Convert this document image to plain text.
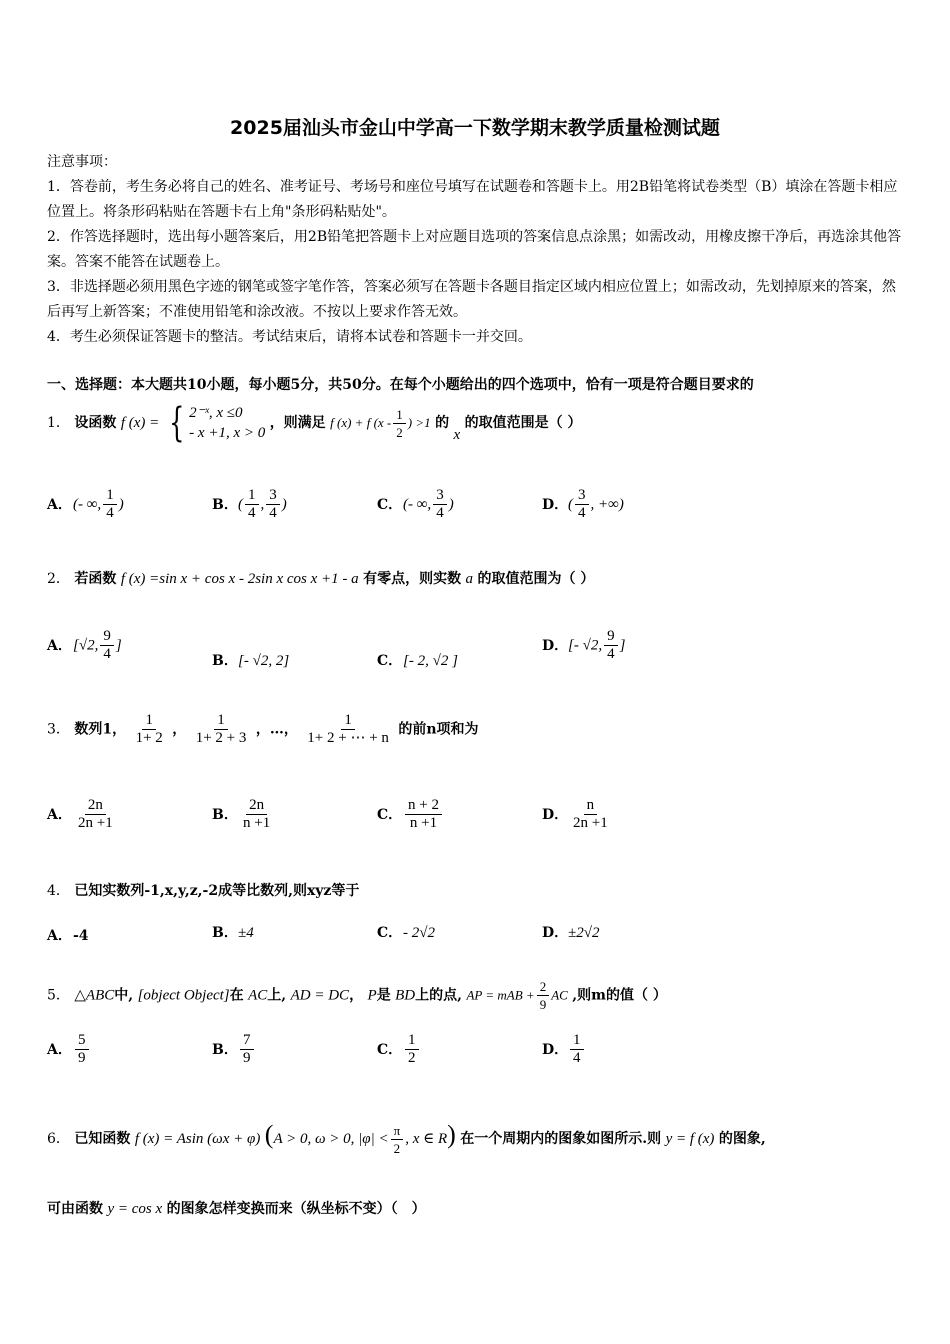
2025届汕头市金山中学高一下数学期末教学质量检测试题

注意事项：

1．答卷前，考生务必将自己的姓名、准考证号、考场号和座位号填写在试题卷和答题卡上。用2B铅笔将试卷类型（B）填涂在答题卡相应位置上。将条形码粘贴在答题卡右上角"条形码粘贴处"。

2．作答选择题时，选出每小题答案后，用2B铅笔把答题卡上对应题目选项的答案信息点涂黑；如需改动，用橡皮擦干净后，再选涂其他答案。答案不能答在试题卷上。

3．非选择题必须用黑色字迹的钢笔或签字笔作答，答案必须写在答题卡各题目指定区域内相应位置上；如需改动，先划掉原来的答案，然后再写上新答案；不准使用铅笔和涂改液。不按以上要求作答无效。

4．考生必须保证答题卡的整洁。考试结束后，请将本试卷和答题卡一并交回。

一、选择题：本大题共10小题，每小题5分，共50分。在每个小题给出的四个选项中，恰有一项是符合题目要求的
1． 设函数 f (x) = { 2⁻ˣ, x ≤0
- x +1, x > 0
，则满足 f (x) + f ($x - \frac{1}{2}$ ) >1 的 x 的取值范围是（ ）
A．(- ∞, $\frac{1}{4}$ )	B．( $\frac{1}{4}$ , $\frac{3}{4}$ )	C．(- ∞, $\frac{3}{4}$ )	D．( $\frac{3}{4}$ , +∞)
2． 若函数 f (x) =sin x + cos x - 2sin x cos x +1 - a 有零点，则实数 a 的取值范围为（ ）
A．[√2, $\frac{9}{4}$ ]
B．[- √2, 2]	C．[- 2, √2 ]
D．[- √2, $\frac{9}{4}$ ]
3． 数列1， $\frac{1}{1+ 2}$ ， $\frac{1}{1+ 2 + 3}$ ，…， $\frac{1}{1+ 2 + \cdots + n}$ 的前n项和为
A． $\frac{2n}{2n +1}$	B． $\frac{2n}{n +1}$	C． $\frac{n + 2}{n +1}$	D． $\frac{n}{2n +1}$
4． 已知实数列-1,x,y,z,-2成等比数列,则xyz等于
A．-4	B．±4	C．- 2√2	D．±2√2
5． △ABC中, [object Object]在 AC上, AD = DC， P是 BD上的点, AP = mAB + $\frac{2}{9}$ AC ,则m的值（ ）
A． $\frac{5}{9}$	B． $\frac{7}{9}$	C． $\frac{1}{2}$	D． $\frac{1}{4}$
6． 已知函数 f (x) = Asin (ωx + φ) (A > 0, ω > 0, $|\varphi| < \frac{\pi}{2}$ , x ∈ R) 在一个周期内的图象如图所示.则 y = f (x) 的图象,
可由函数 y = cos x 的图象怎样变换而来（纵坐标不变）（　）
